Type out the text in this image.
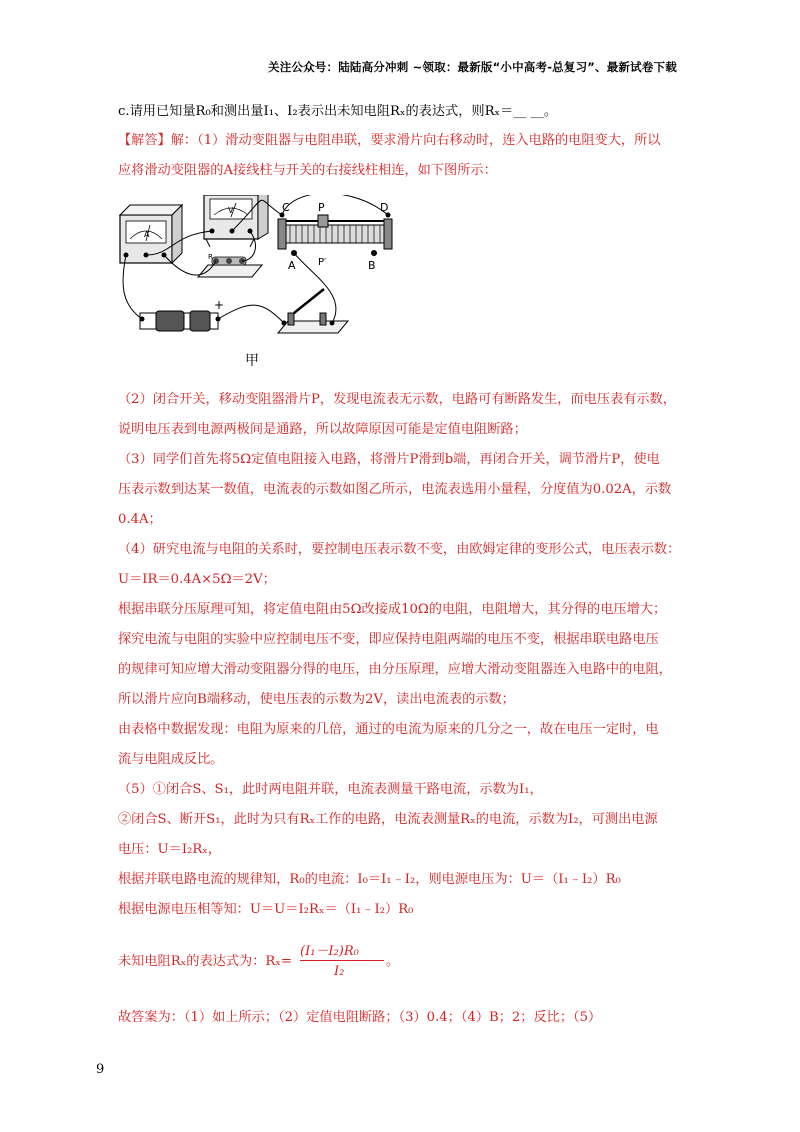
关注公众号：陆陆高分冲刺 ~领取：最新版“小中高考-总复习”、最新试卷下载
c.请用已知量R₀和测出量I₁、I₂表示出未知电阻Rₓ的表达式，则Rₓ＝__ __。
【解答】解：（1）滑动变阻器与电阻串联，要求滑片向右移动时，连入电路的电阻变大，所以
应将滑动变阻器的A接线柱与开关的右接线柱相连，如下图所示：
A
V
R
C	P	D
A P′	B
+
甲
（2）闭合开关，移动变阻器滑片P，发现电流表无示数，电路可有断路发生，而电压表有示数，
说明电压表到电源两极间是通路，所以故障原因可能是定值电阻断路；
（3）同学们首先将5Ω定值电阻接入电路，将滑片P滑到b端，再闭合开关，调节滑片P，使电
压表示数到达某一数值，电流表的示数如图乙所示，电流表选用小量程，分度值为0.02A，示数
0.4A；
（4）研究电流与电阻的关系时，要控制电压表示数不变，由欧姆定律的变形公式，电压表示数：
U＝IR＝0.4A×5Ω＝2V；
根据串联分压原理可知，将定值电阻由5Ω改接成10Ω的电阻，电阻增大，其分得的电压增大；
探究电流与电阻的实验中应控制电压不变，即应保持电阻两端的电压不变，根据串联电路电压
的规律可知应增大滑动变阻器分得的电压，由分压原理，应增大滑动变阻器连入电路中的电阻，
所以滑片应向B端移动，使电压表的示数为2V，读出电流表的示数；
由表格中数据发现：电阻为原来的几倍，通过的电流为原来的几分之一，故在电压一定时，电
流与电阻成反比。
（5）①闭合S、S₁，此时两电阻并联，电流表测量干路电流，示数为I₁，
②闭合S、断开S₁，此时为只有Rₓ工作的电路，电流表测量Rₓ的电流，示数为I₂，可测出电源
电压：U＝I₂Rₓ，
根据并联电路电流的规律知，R₀的电流：I₀＝I₁﹣I₂，则电源电压为：U＝（I₁﹣I₂）R₀
根据电源电压相等知：U＝U＝I₂Rₓ＝（I₁﹣I₂）R₀
未知电阻Rₓ的表达式为：Rₓ=
(I₁－I₂)R₀
I₂
。
故答案为：（1）如上所示；（2）定值电阻断路；（3）0.4；（4）B；2；反比；（5）
9
